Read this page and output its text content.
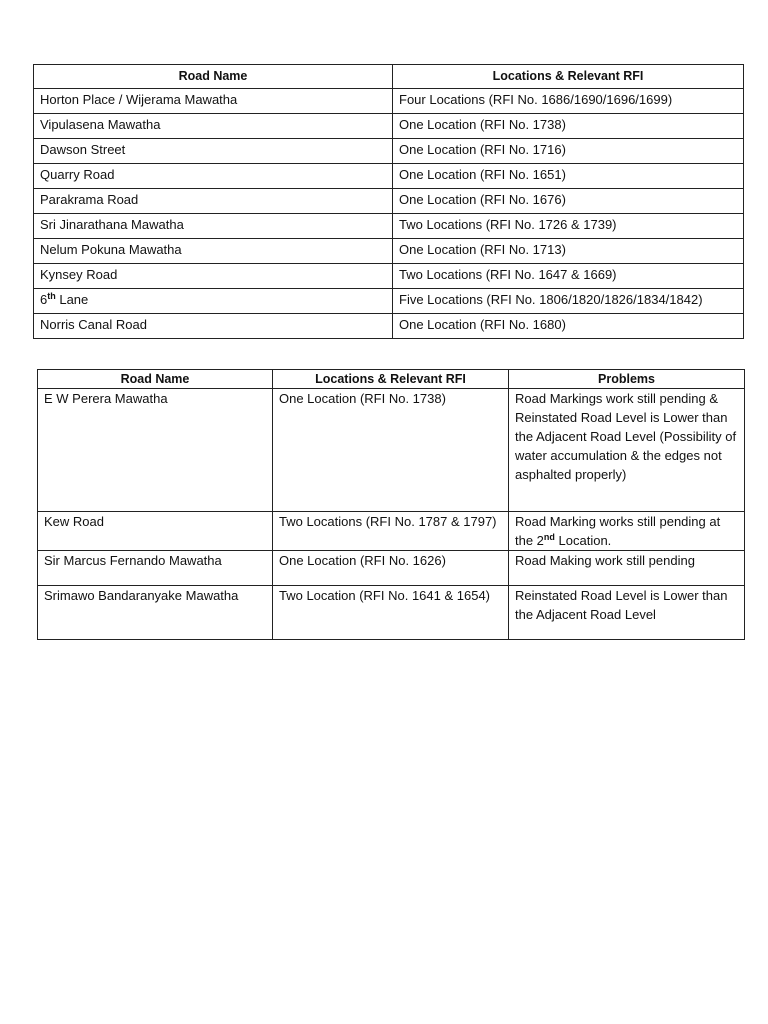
Road Name	Locations & Relevant RFI
Horton Place / Wijerama Mawatha	Four Locations (RFI No. 1686/1690/1696/1699)
Vipulasena Mawatha	One Location (RFI No. 1738)
Dawson Street	One Location (RFI No. 1716)
Quarry Road	One Location (RFI No. 1651)
Parakrama Road	One Location (RFI No. 1676)
Sri Jinarathana Mawatha	Two Locations (RFI No. 1726 & 1739)
Nelum Pokuna Mawatha	One Location (RFI No. 1713)
Kynsey Road	Two Locations (RFI No. 1647 & 1669)
6th Lane	Five Locations (RFI No. 1806/1820/1826/1834/1842)
Norris Canal Road	One Location (RFI No. 1680)
Road Name	Locations & Relevant RFI	Problems
E W Perera Mawatha	One Location (RFI No. 1738)	Road Markings work still pending & Reinstated Road Level is Lower than the Adjacent Road Level (Possibility of water accumulation & the edges not asphalted properly)
Kew Road	Two Locations (RFI No. 1787 & 1797)	Road Marking works still pending at the 2nd Location.
Sir Marcus Fernando Mawatha	One Location (RFI No. 1626)	Road Making work still pending
Srimawo Bandaranyake Mawatha	Two Location (RFI No. 1641 & 1654)	Reinstated Road Level is Lower than the Adjacent Road Level
